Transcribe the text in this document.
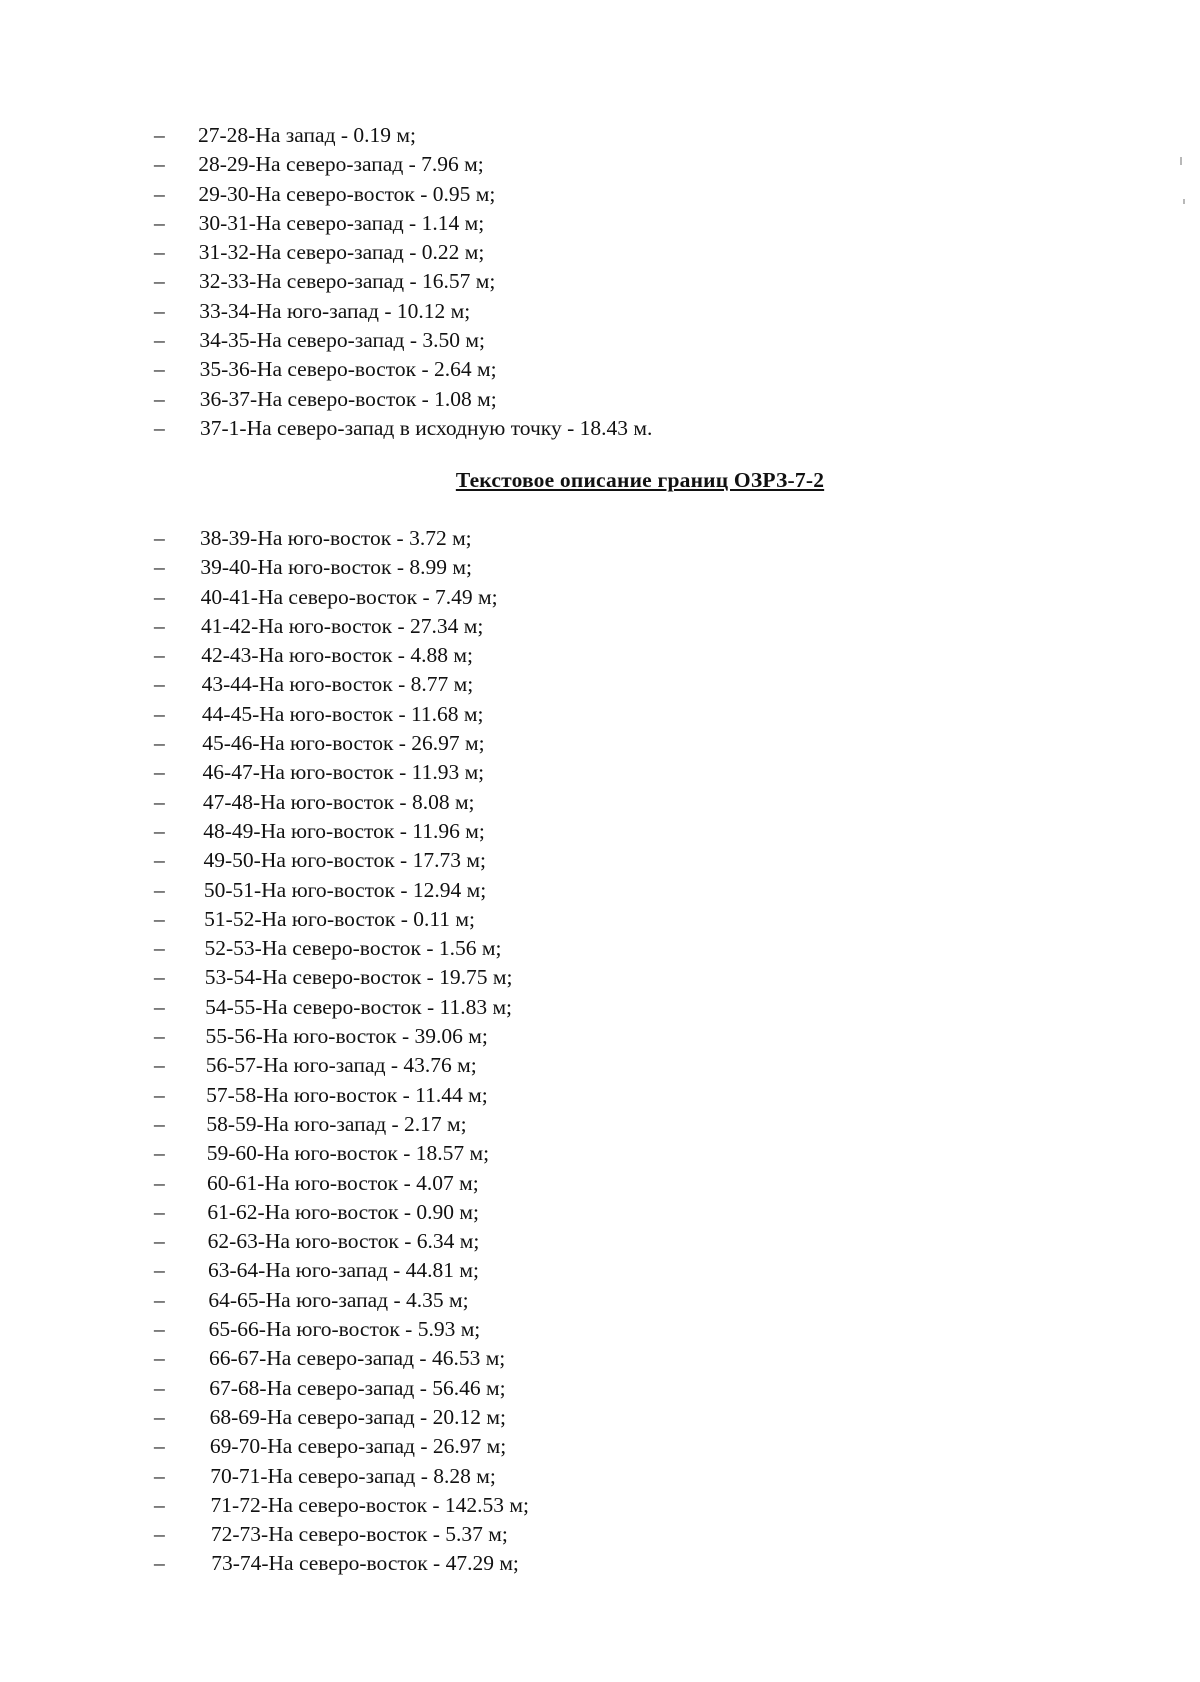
–	27-28-На запад - 0.19 м;
–	28-29-На северо-запад - 7.96 м;
–	29-30-На северо-восток - 0.95 м;
–	30-31-На северо-запад - 1.14 м;
–	31-32-На северо-запад - 0.22 м;
–	32-33-На северо-запад - 16.57 м;
–	33-34-На юго-запад - 10.12 м;
–	34-35-На северо-запад - 3.50 м;
–	35-36-На северо-восток - 2.64 м;
–	36-37-На северо-восток - 1.08 м;
–	37-1-На северо-запад в исходную точку - 18.43 м.
Текстовое описание границ ОЗРЗ-7-2
–	38-39-На юго-восток - 3.72 м;
–	39-40-На юго-восток - 8.99 м;
–	40-41-На северо-восток - 7.49 м;
–	41-42-На юго-восток - 27.34 м;
–	42-43-На юго-восток - 4.88 м;
–	43-44-На юго-восток - 8.77 м;
–	44-45-На юго-восток - 11.68 м;
–	45-46-На юго-восток - 26.97 м;
–	46-47-На юго-восток - 11.93 м;
–	47-48-На юго-восток - 8.08 м;
–	48-49-На юго-восток - 11.96 м;
–	49-50-На юго-восток - 17.73 м;
–	50-51-На юго-восток - 12.94 м;
–	51-52-На юго-восток - 0.11 м;
–	52-53-На северо-восток - 1.56 м;
–	53-54-На северо-восток - 19.75 м;
–	54-55-На северо-восток - 11.83 м;
–	55-56-На юго-восток - 39.06 м;
–	56-57-На юго-запад - 43.76 м;
–	57-58-На юго-восток - 11.44 м;
–	58-59-На юго-запад - 2.17 м;
–	59-60-На юго-восток - 18.57 м;
–	60-61-На юго-восток - 4.07 м;
–	61-62-На юго-восток - 0.90 м;
–	62-63-На юго-восток - 6.34 м;
–	63-64-На юго-запад - 44.81 м;
–	64-65-На юго-запад - 4.35 м;
–	65-66-На юго-восток - 5.93 м;
–	66-67-На северо-запад - 46.53 м;
–	67-68-На северо-запад - 56.46 м;
–	68-69-На северо-запад - 20.12 м;
–	69-70-На северо-запад - 26.97 м;
–	70-71-На северо-запад - 8.28 м;
–	71-72-На северо-восток - 142.53 м;
–	72-73-На северо-восток - 5.37 м;
–	73-74-На северо-восток - 47.29 м;
